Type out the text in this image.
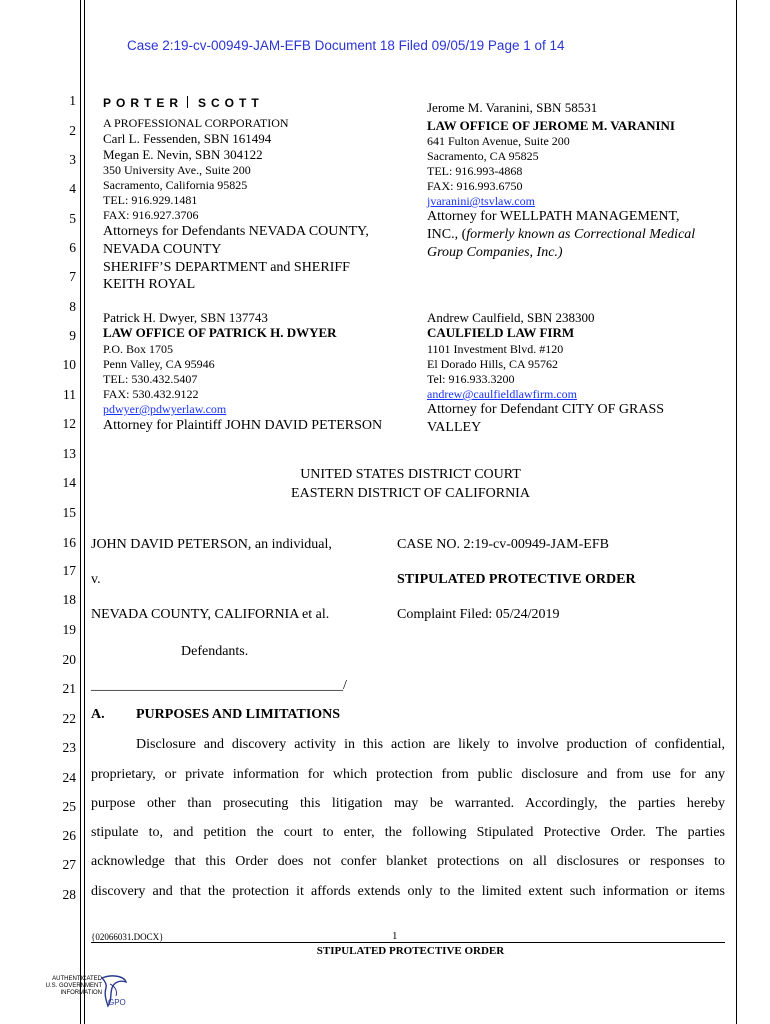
Case 2:19-cv-00949-JAM-EFB Document 18 Filed 09/05/19 Page 1 of 14
1
2
3
4
5
6
7
8
9
10
11
12
13
14
15
16
17
18
19
20
21
22
23
24
25
26
27
28
PORTER SCOTT
A PROFESSIONAL CORPORATION
Carl L. Fessenden, SBN 161494
Megan E. Nevin, SBN 304122
350 University Ave., Suite 200
Sacramento, California 95825
TEL: 916.929.1481
FAX: 916.927.3706
Attorneys for Defendants NEVADA COUNTY,
NEVADA COUNTY
SHERIFF’S DEPARTMENT and SHERIFF
KEITH ROYAL
Jerome M. Varanini, SBN 58531
LAW OFFICE OF JEROME M. VARANINI
641 Fulton Avenue, Suite 200
Sacramento, CA 95825
TEL: 916.993-4868
FAX: 916.993.6750
jvaranini@tsvlaw.com
Attorney for WELLPATH MANAGEMENT,
INC., (formerly known as Correctional Medical
Group Companies, Inc.)
Patrick H. Dwyer, SBN 137743
LAW OFFICE OF PATRICK H. DWYER
P.O. Box 1705
Penn Valley, CA 95946
TEL: 530.432.5407
FAX: 530.432.9122
pdwyer@pdwyerlaw.com
Attorney for Plaintiff JOHN DAVID PETERSON
Andrew Caulfield, SBN 238300
CAULFIELD LAW FIRM
1101 Investment Blvd. #120
El Dorado Hills, CA 95762
Tel: 916.933.3200
andrew@caulfieldlawfirm.com
Attorney for Defendant CITY OF GRASS
VALLEY
UNITED STATES DISTRICT COURT
EASTERN DISTRICT OF CALIFORNIA
JOHN DAVID PETERSON, an individual,
v.
NEVADA COUNTY, CALIFORNIA et al.
Defendants.
____________________________________/
CASE NO. 2:19-cv-00949-JAM-EFB
STIPULATED PROTECTIVE ORDER
Complaint Filed: 05/24/2019
A. PURPOSES AND LIMITATIONS
Disclosure and discovery activity in this action are likely to involve production of confidential,
proprietary, or private information for which protection from public disclosure and from use for any
purpose other than prosecuting this litigation may be warranted. Accordingly, the parties hereby
stipulate to, and petition the court to enter, the following Stipulated Protective Order. The parties
acknowledge that this Order does not confer blanket protections on all disclosures or responses to
discovery and that the protection it affords extends only to the limited extent such information or items
{02066031.DOCX}	1
STIPULATED PROTECTIVE ORDER
AUTHENTICATED
U.S. GOVERNMENT
INFORMATION
GPO
